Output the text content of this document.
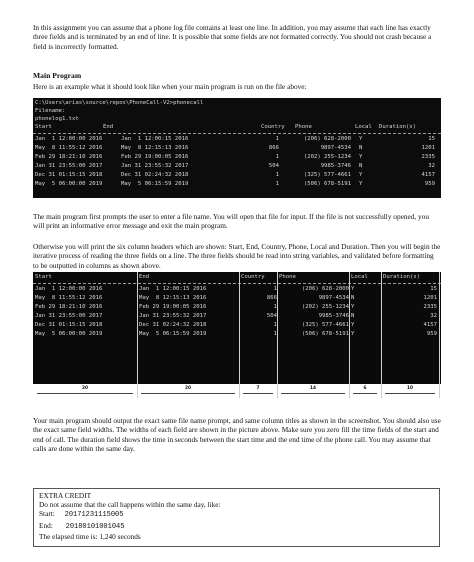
In this assignment you can assume that a phone log file contains at least one line. In addition, you may assume that each line has exactly three fields and is terminated by an end of line. It is possible that some fields are not formatted correctly. You should not crash because a field is incorrectly formatted.

Main Program

Here is an example what it should look like when your main program is run on the file above:

C:\Users\arias\source\repos\PhoneCall-V2>phonecall
Filename:
phonelog1.txt
Start	End	Country Phone	Local Duration(s)
Jan  1 12:00:00 2016	Jan  1 12:00:15 2016	1	(206) 628-2000 Y	15
May  8 11:55:12 2016	May  8 12:15:13 2016	866	9897-4534 N	1201
Feb 29 18:21:10 2016	Feb 29 19:00:05 2016	1	(202) 255-1234 Y	2335
Jan 31 23:55:00 2017	Jan 31 23:55:32 2017	504	9985-3746 N	32
Dec 31 01:15:15 2018	Dec 31 02:24:32 2018	1	(325) 577-4661 Y	4157
May  5 06:00:00 2019	May  5 06:15:59 2019	1	(506) 678-5191 Y	959

The main program first prompts the user to enter a file name. You will open that file for input. If the file is not successfully opened, you will print an informative error message and exit the main program.

Otherwise you will print the six column headers which are shown: Start, End, Country, Phone, Local and Duration. Then you will begin the iterative process of reading the three fields on a line. The three fields should be read into string variables, and validated before formatting to be outputted in columns as shown above.

Start	End	Country	Phone	Local	Duration(s)
Jan  1 12:00:00 2016	Jan  1 12:00:15 2016	1	(206) 628-2000 Y	15
May  8 11:55:12 2016	May  8 12:15:13 2016	866	9897-4534 N	1201
Feb 29 18:21:10 2016	Feb 29 19:00:05 2016	1	(202) 255-1234 Y	2335
Jan 31 23:55:00 2017	Jan 31 23:55:32 2017	504	9985-3746 N	32
Dec 31 01:15:15 2018	Dec 31 02:24:32 2018	1	(325) 577-4661 Y	4157
May  5 06:00:00 2019	May  5 06:15:59 2019	1	(506) 678-5191 Y	959
20	20	7	14	6	10

Your main program should output the exact same file name prompt, and same column titles as shown in the screenshot. You should also use the exact same field widths. The widths of each field are shown in the picture above. Make sure you zero fill the time fields of the start and end of call. The duration field shows the time in seconds between the start time and the end time of the phone call. You may assume that calls are done within the same day.

EXTRA CREDIT
Do not assume that the call happens within the same day, like:
Start: 20171231115005
End: 20180101001045
The elapsed time is: 1,240 seconds
